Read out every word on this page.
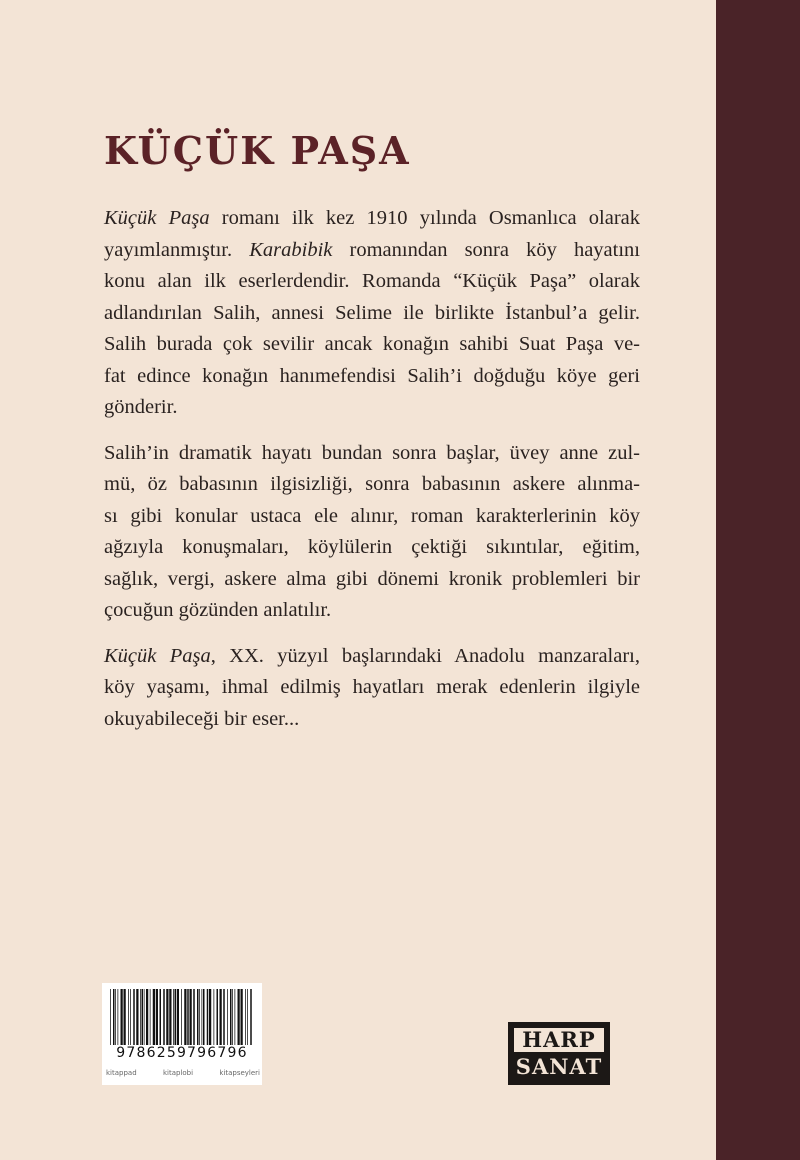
KÜÇÜK PAŞA

Küçük Paşa romanı ilk kez 1910 yılında Osmanlıca olarak
yayımlanmıştır. Karabibik romanından sonra köy hayatını
konu alan ilk eserlerdendir. Romanda “Küçük Paşa” olarak
adlandırılan Salih, annesi Selime ile birlikte İstanbul’a gelir.
Salih burada çok sevilir ancak konağın sahibi Suat Paşa ve-
fat edince konağın hanımefendisi Salih’i doğduğu köye geri
gönderir.

Salih’in dramatik hayatı bundan sonra başlar, üvey anne zul-
mü, öz babasının ilgisizliği, sonra babasının askere alınma-
sı gibi konular ustaca ele alınır, roman karakterlerinin köy
ağzıyla konuşmaları, köylülerin çektiği sıkıntılar, eğitim,
sağlık, vergi, askere alma gibi dönemi kronik problemleri bir
çocuğun gözünden anlatılır.

Küçük Paşa, XX. yüzyıl başlarındaki Anadolu manzaraları,
köy yaşamı, ihmal edilmiş hayatları merak edenlerin ilgiyle
okuyabileceği bir eser...

9786259796796
kitappad	kitaplobi	kitapseyleri
HARP
SANAT
